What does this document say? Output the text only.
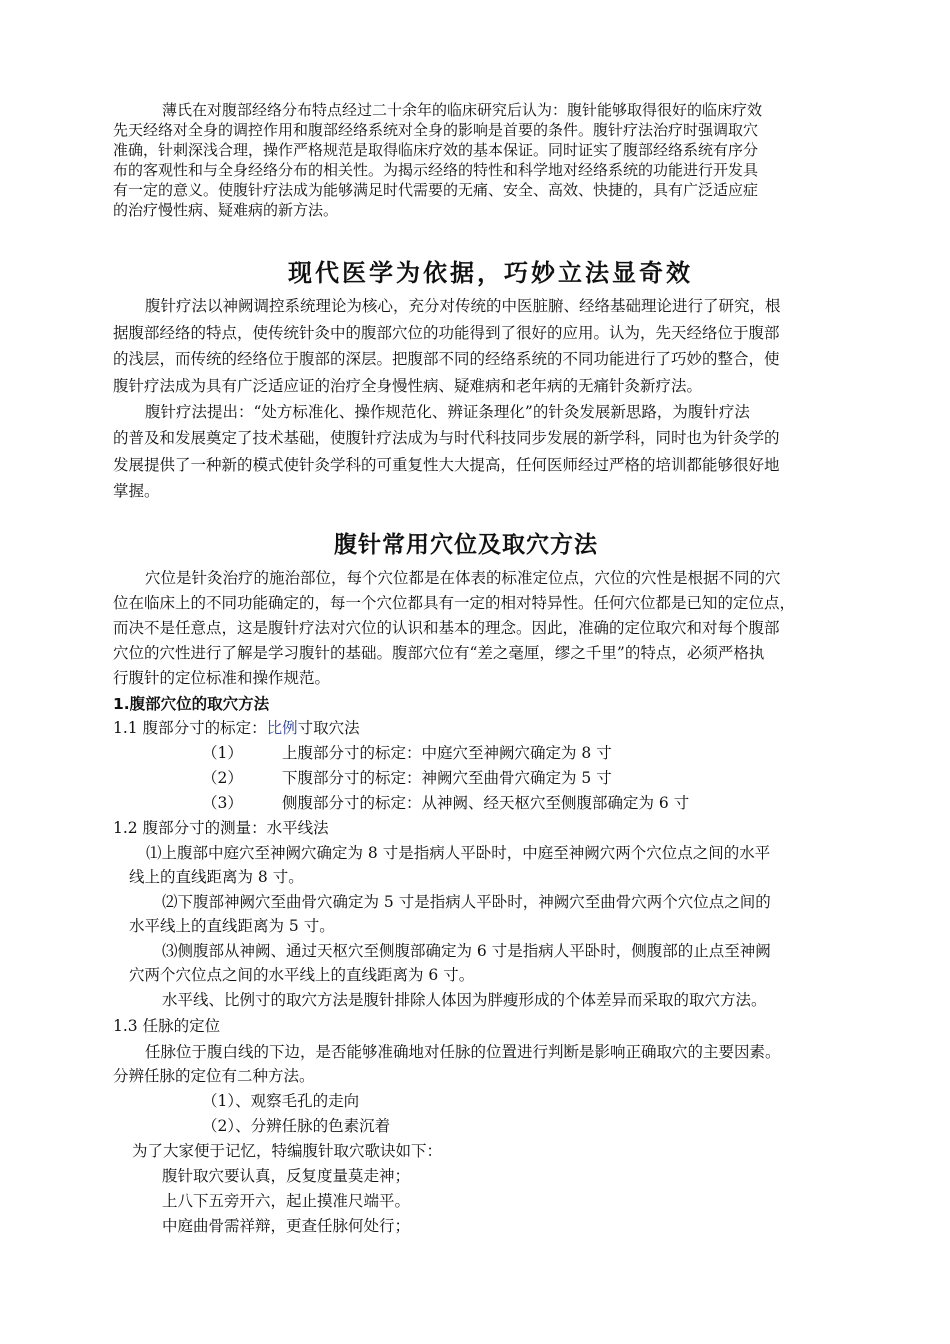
薄氏在对腹部经络分布特点经过二十余年的临床研究后认为：腹针能够取得很好的临床疗效

先天经络对全身的调控作用和腹部经络系统对全身的影响是首要的条件。腹针疗法治疗时强调取穴

准确，针刺深浅合理，操作严格规范是取得临床疗效的基本保证。同时证实了腹部经络系统有序分

布的客观性和与全身经络分布的相关性。为揭示经络的特性和科学地对经络系统的功能进行开发具

有一定的意义。使腹针疗法成为能够满足时代需要的无痛、安全、高效、快捷的，具有广泛适应症

的治疗慢性病、疑难病的新方法。

现代医学为依据，巧妙立法显奇效

腹针疗法以神阙调控系统理论为核心，充分对传统的中医脏腑、经络基础理论进行了研究，根

据腹部经络的特点，使传统针灸中的腹部穴位的功能得到了很好的应用。认为，先天经络位于腹部

的浅层，而传统的经络位于腹部的深层。把腹部不同的经络系统的不同功能进行了巧妙的整合，使

腹针疗法成为具有广泛适应证的治疗全身慢性病、疑难病和老年病的无痛针灸新疗法。

腹针疗法提出：“处方标准化、操作规范化、辨证条理化”的针灸发展新思路，为腹针疗法

的普及和发展奠定了技术基础，使腹针疗法成为与时代科技同步发展的新学科，同时也为针灸学的

发展提供了一种新的模式使针灸学科的可重复性大大提高，任何医师经过严格的培训都能够很好地

掌握。

腹针常用穴位及取穴方法

穴位是针灸治疗的施治部位，每个穴位都是在体表的标准定位点，穴位的穴性是根据不同的穴

位在临床上的不同功能确定的，每一个穴位都具有一定的相对特异性。任何穴位都是已知的定位点，

而决不是任意点，这是腹针疗法对穴位的认识和基本的理念。因此，准确的定位取穴和对每个腹部

穴位的穴性进行了解是学习腹针的基础。腹部穴位有“差之毫厘，缪之千里”的特点，必须严格执

行腹针的定位标准和操作规范。

1.腹部穴位的取穴方法

1.1 腹部分寸的标定：比例寸取穴法

（1）	上腹部分寸的标定：中庭穴至神阙穴确定为 8 寸

（2）	下腹部分寸的标定：神阙穴至曲骨穴确定为 5 寸

（3）	侧腹部分寸的标定：从神阙、经天枢穴至侧腹部确定为 6 寸

1.2 腹部分寸的测量：水平线法

⑴上腹部中庭穴至神阙穴确定为 8 寸是指病人平卧时，中庭至神阙穴两个穴位点之间的水平

线上的直线距离为 8 寸。

⑵下腹部神阙穴至曲骨穴确定为 5 寸是指病人平卧时，神阙穴至曲骨穴两个穴位点之间的

水平线上的直线距离为 5 寸。

⑶侧腹部从神阙、通过天枢穴至侧腹部确定为 6 寸是指病人平卧时，侧腹部的止点至神阙

穴两个穴位点之间的水平线上的直线距离为 6 寸。

水平线、比例寸的取穴方法是腹针排除人体因为胖瘦形成的个体差异而采取的取穴方法。

1.3 任脉的定位

任脉位于腹白线的下边，是否能够准确地对任脉的位置进行判断是影响正确取穴的主要因素。

分辨任脉的定位有二种方法。

（1）、观察毛孔的走向

（2）、分辨任脉的色素沉着

为了大家便于记忆，特编腹针取穴歌诀如下：

腹针取穴要认真，反复度量莫走神；

上八下五旁开六，起止摸准尺端平。

中庭曲骨需祥辩，更查任脉何处行；
